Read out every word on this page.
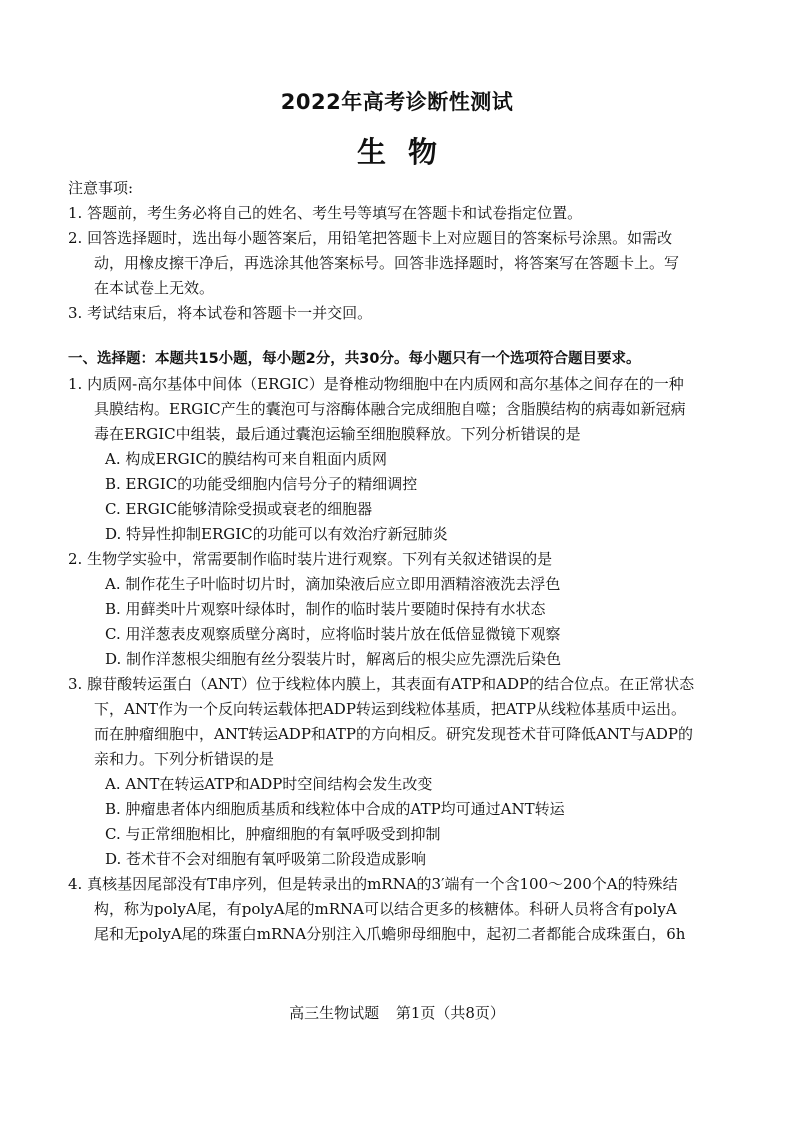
2022年高考诊断性测试
生物
注意事项:
1. 答题前，考生务必将自己的姓名、考生号等填写在答题卡和试卷指定位置。
2. 回答选择题时，选出每小题答案后，用铅笔把答题卡上对应题目的答案标号涂黑。如需改
动，用橡皮擦干净后，再选涂其他答案标号。回答非选择题时，将答案写在答题卡上。写
在本试卷上无效。
3. 考试结束后，将本试卷和答题卡一并交回。
一、选择题：本题共15小题，每小题2分，共30分。每小题只有一个选项符合题目要求。
1. 内质网-高尔基体中间体（ERGIC）是脊椎动物细胞中在内质网和高尔基体之间存在的一种
具膜结构。ERGIC产生的囊泡可与溶酶体融合完成细胞自噬；含脂膜结构的病毒如新冠病
毒在ERGIC中组装，最后通过囊泡运输至细胞膜释放。下列分析错误的是
A. 构成ERGIC的膜结构可来自粗面内质网
B. ERGIC的功能受细胞内信号分子的精细调控
C. ERGIC能够清除受损或衰老的细胞器
D. 特异性抑制ERGIC的功能可以有效治疗新冠肺炎
2. 生物学实验中，常需要制作临时装片进行观察。下列有关叙述错误的是
A. 制作花生子叶临时切片时，滴加染液后应立即用酒精溶液洗去浮色
B. 用藓类叶片观察叶绿体时，制作的临时装片要随时保持有水状态
C. 用洋葱表皮观察质壁分离时，应将临时装片放在低倍显微镜下观察
D. 制作洋葱根尖细胞有丝分裂装片时，解离后的根尖应先漂洗后染色
3. 腺苷酸转运蛋白（ANT）位于线粒体内膜上，其表面有ATP和ADP的结合位点。在正常状态
下，ANT作为一个反向转运载体把ADP转运到线粒体基质，把ATP从线粒体基质中运出。
而在肿瘤细胞中，ANT转运ADP和ATP的方向相反。研究发现苍术苷可降低ANT与ADP的
亲和力。下列分析错误的是
A. ANT在转运ATP和ADP时空间结构会发生改变
B. 肿瘤患者体内细胞质基质和线粒体中合成的ATP均可通过ANT转运
C. 与正常细胞相比，肿瘤细胞的有氧呼吸受到抑制
D. 苍术苷不会对细胞有氧呼吸第二阶段造成影响
4. 真核基因尾部没有T串序列，但是转录出的mRNA的3′端有一个含100～200个A的特殊结
构，称为polyA尾，有polyA尾的mRNA可以结合更多的核糖体。科研人员将含有polyA
尾和无polyA尾的珠蛋白mRNA分别注入爪蟾卵母细胞中，起初二者都能合成珠蛋白，6h
高三生物试题 第1页（共8页）
